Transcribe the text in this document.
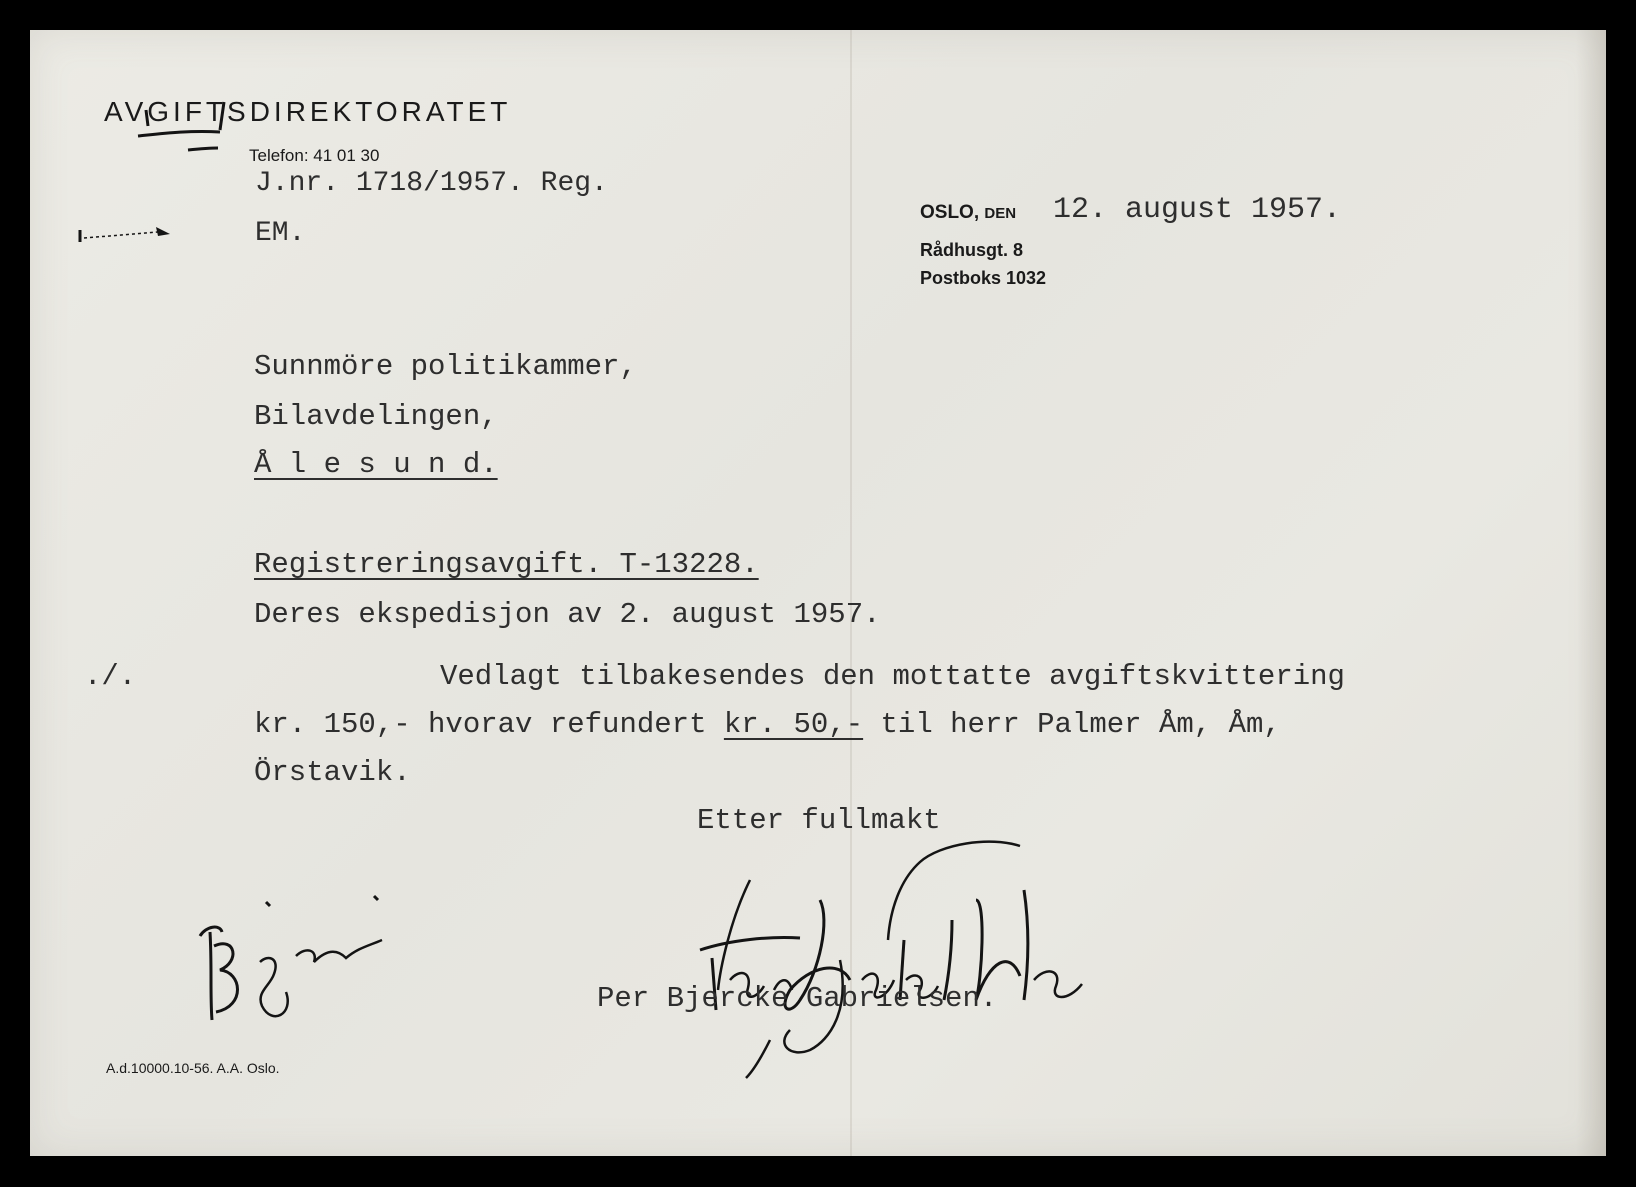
AVGIFTSDIREKTORATET
Telefon: 41 01 30
J.nr. 1718/1957. Reg.
EM.
OSLO, DEN 12. august 1957.
Rådhusgt. 8
Postboks 1032
Sunnmöre politikammer,
Bilavdelingen,
Å l e s u n d.
Registreringsavgift. T-13228.
Deres ekspedisjon av 2. august 1957.
./.	Vedlagt tilbakesendes den mottatte avgiftskvittering
kr. 150,- hvorav refundert kr. 50,- til herr Palmer Åm, Åm,
Örstavik.
Etter fullmakt
Per Bjercke Gabrielsen.
A.d.10000.10-56. A.A. Oslo.
